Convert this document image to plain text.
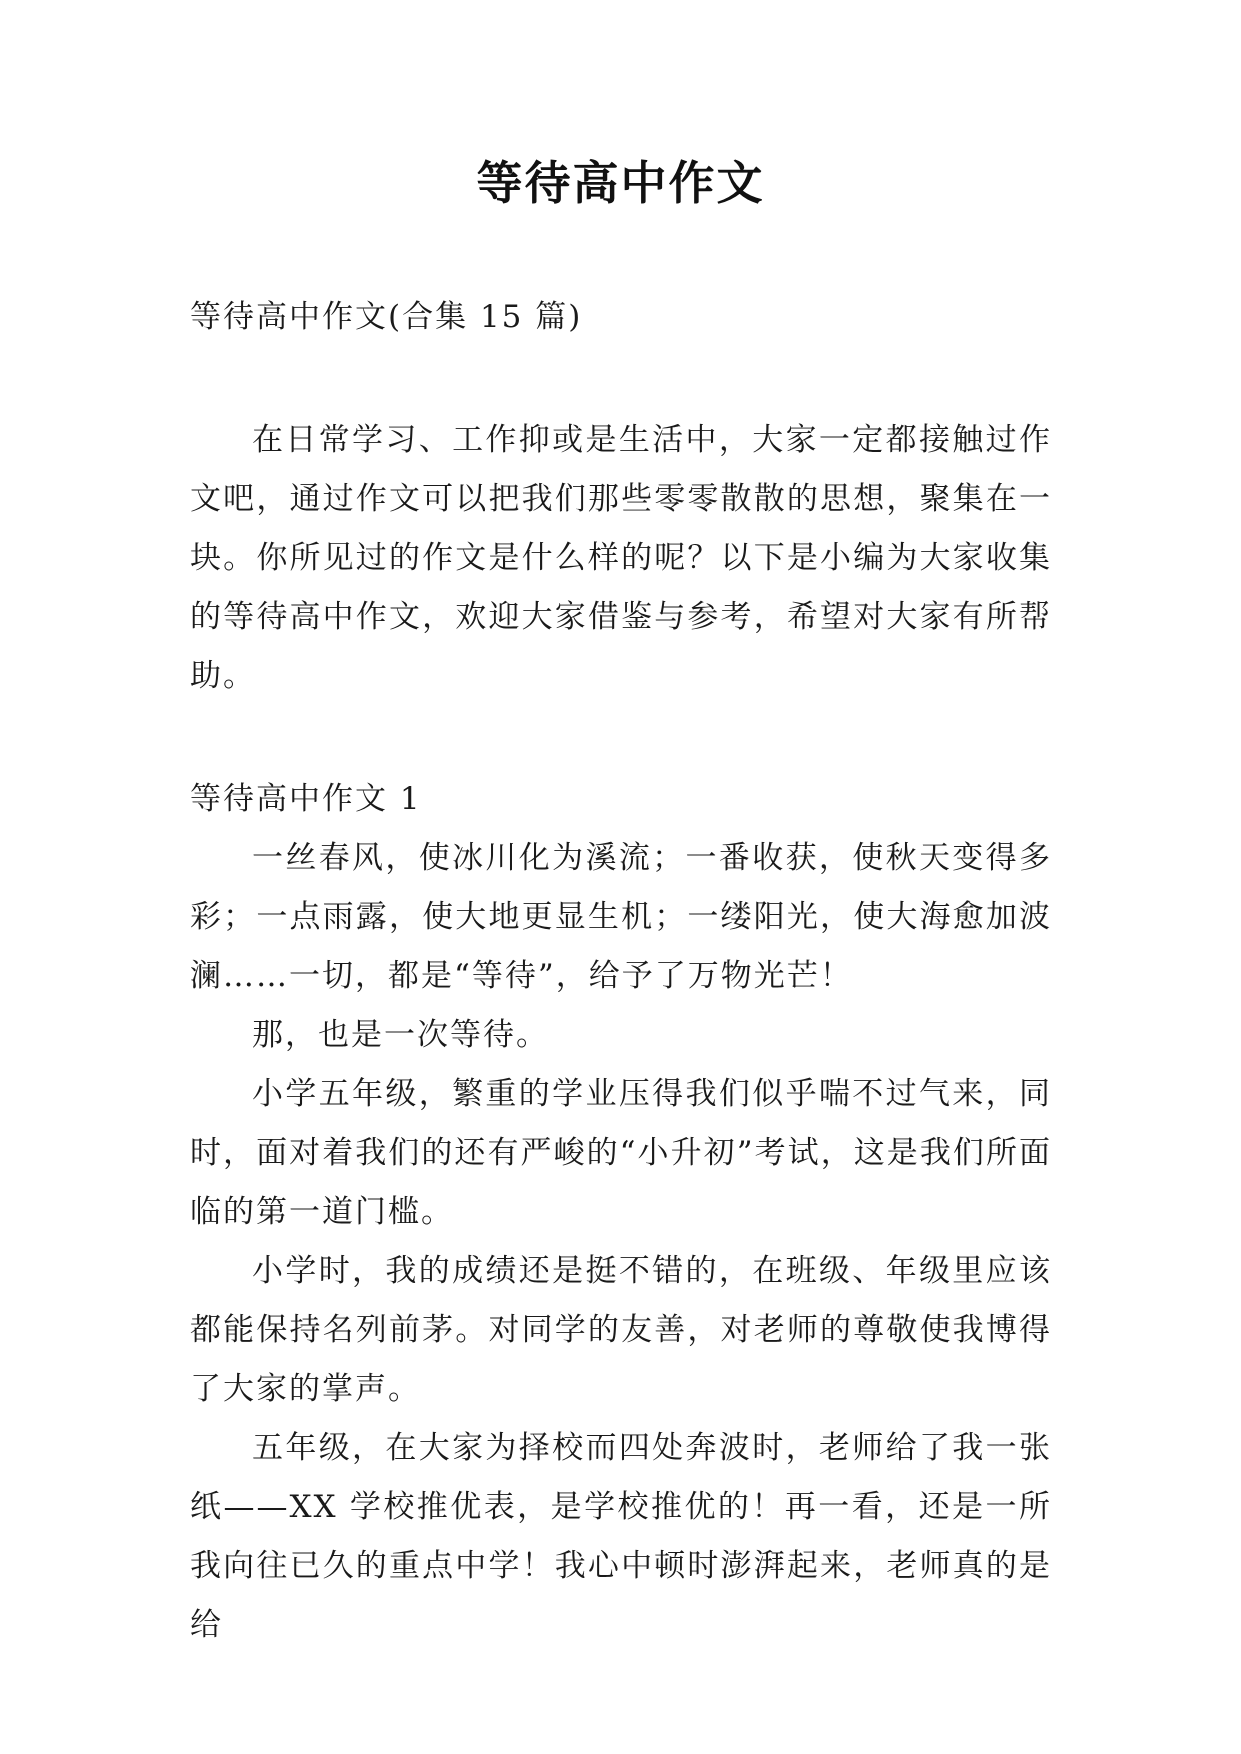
等待高中作文

等待高中作文(合集 15 篇)

在日常学习、工作抑或是生活中，大家一定都接触过作文吧，通过作文可以把我们那些零零散散的思想，聚集在一块。你所见过的作文是什么样的呢？以下是小编为大家收集的等待高中作文，欢迎大家借鉴与参考，希望对大家有所帮助。

等待高中作文 1

一丝春风，使冰川化为溪流；一番收获，使秋天变得多彩；一点雨露，使大地更显生机；一缕阳光，使大海愈加波澜……一切，都是“等待”，给予了万物光芒！

那，也是一次等待。

小学五年级，繁重的学业压得我们似乎喘不过气来，同时，面对着我们的还有严峻的“小升初”考试，这是我们所面临的第一道门槛。

小学时，我的成绩还是挺不错的，在班级、年级里应该都能保持名列前茅。对同学的友善，对老师的尊敬使我博得了大家的掌声。

五年级，在大家为择校而四处奔波时，老师给了我一张纸——XX 学校推优表，是学校推优的！再一看，还是一所我向往已久的重点中学！我心中顿时澎湃起来，老师真的是给
